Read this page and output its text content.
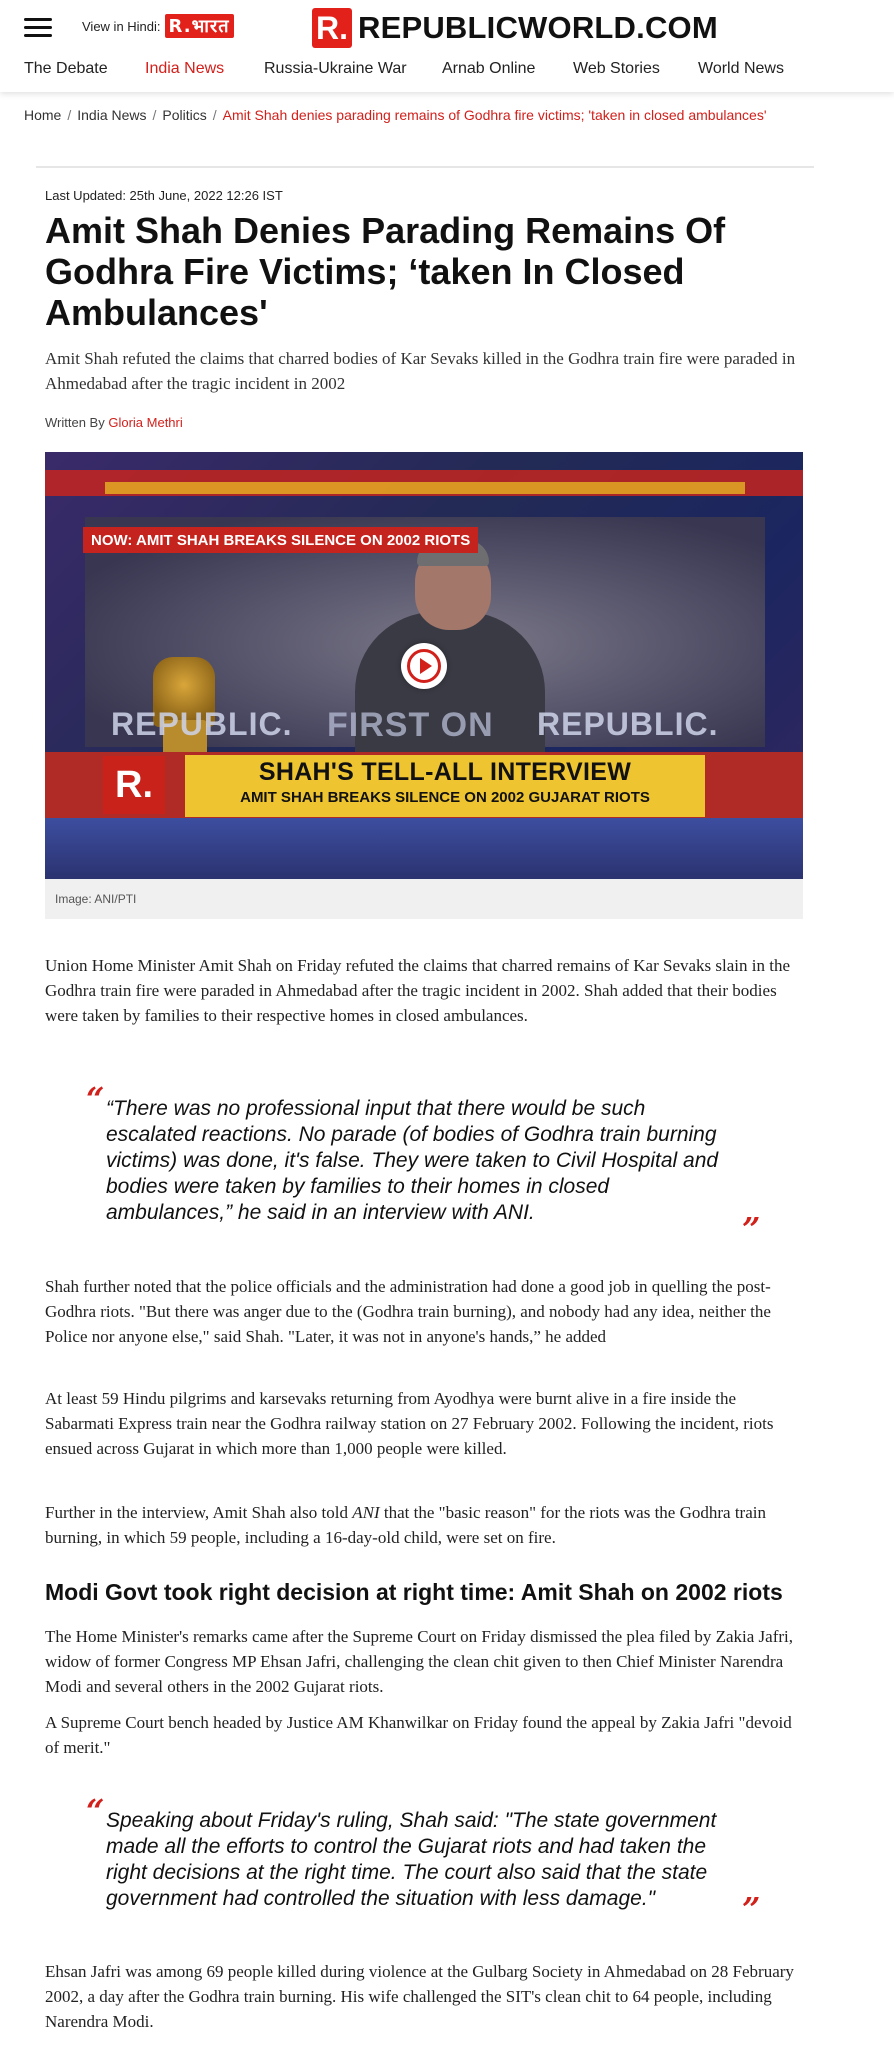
View in Hindi: R.भारत	R. REPUBLICWORLD.COM
The Debate India News Russia-Ukraine War Arnab Online Web Stories World News
Home / India News / Politics / Amit Shah denies parading remains of Godhra fire victims; 'taken in closed ambulances'
Last Updated: 25th June, 2022 12:26 IST
Amit Shah Denies Parading Remains Of Godhra Fire Victims; ‘taken In Closed Ambulances'

Amit Shah refuted the claims that charred bodies of Kar Sevaks killed in the Godhra train fire were paraded in Ahmedabad after the tragic incident in 2002

Written By Gloria Methri
NOW: AMIT SHAH BREAKS SILENCE ON 2002 RIOTS
REPUBLIC. FIRST ON REPUBLIC.
R.	SHAH'S TELL-ALL INTERVIEW
AMIT SHAH BREAKS SILENCE ON 2002 GUJARAT RIOTS
Image: ANI/PTI

Union Home Minister Amit Shah on Friday refuted the claims that charred remains of Kar Sevaks slain in the Godhra train fire were paraded in Ahmedabad after the tragic incident in 2002. Shah added that their bodies were taken by families to their respective homes in closed ambulances.

“ “There was no professional input that there would be such escalated reactions. No parade (of bodies of Godhra train burning victims) was done, it's false. They were taken to Civil Hospital and bodies were taken by families to their homes in closed ambulances,” he said in an interview with ANI.	”

Shah further noted that the police officials and the administration had done a good job in quelling the post-Godhra riots. "But there was anger due to the (Godhra train burning), and nobody had any idea, neither the Police nor anyone else," said Shah. "Later, it was not in anyone's hands,” he added

At least 59 Hindu pilgrims and karsevaks returning from Ayodhya were burnt alive in a fire inside the Sabarmati Express train near the Godhra railway station on 27 February 2002. Following the incident, riots ensued across Gujarat in which more than 1,000 people were killed.

Further in the interview, Amit Shah also told ANI that the "basic reason" for the riots was the Godhra train burning, in which 59 people, including a 16-day-old child, were set on fire.

Modi Govt took right decision at right time: Amit Shah on 2002 riots

The Home Minister's remarks came after the Supreme Court on Friday dismissed the plea filed by Zakia Jafri, widow of former Congress MP Ehsan Jafri, challenging the clean chit given to then Chief Minister Narendra Modi and several others in the 2002 Gujarat riots.

A Supreme Court bench headed by Justice AM Khanwilkar on Friday found the appeal by Zakia Jafri "devoid of merit."

“ Speaking about Friday's ruling, Shah said: "The state government made all the efforts to control the Gujarat riots and had taken the right decisions at the right time. The court also said that the state government had controlled the situation with less damage."	”

Ehsan Jafri was among 69 people killed during violence at the Gulbarg Society in Ahmedabad on 28 February 2002, a day after the Godhra train burning. His wife challenged the SIT's clean chit to 64 people, including Narendra Modi.
